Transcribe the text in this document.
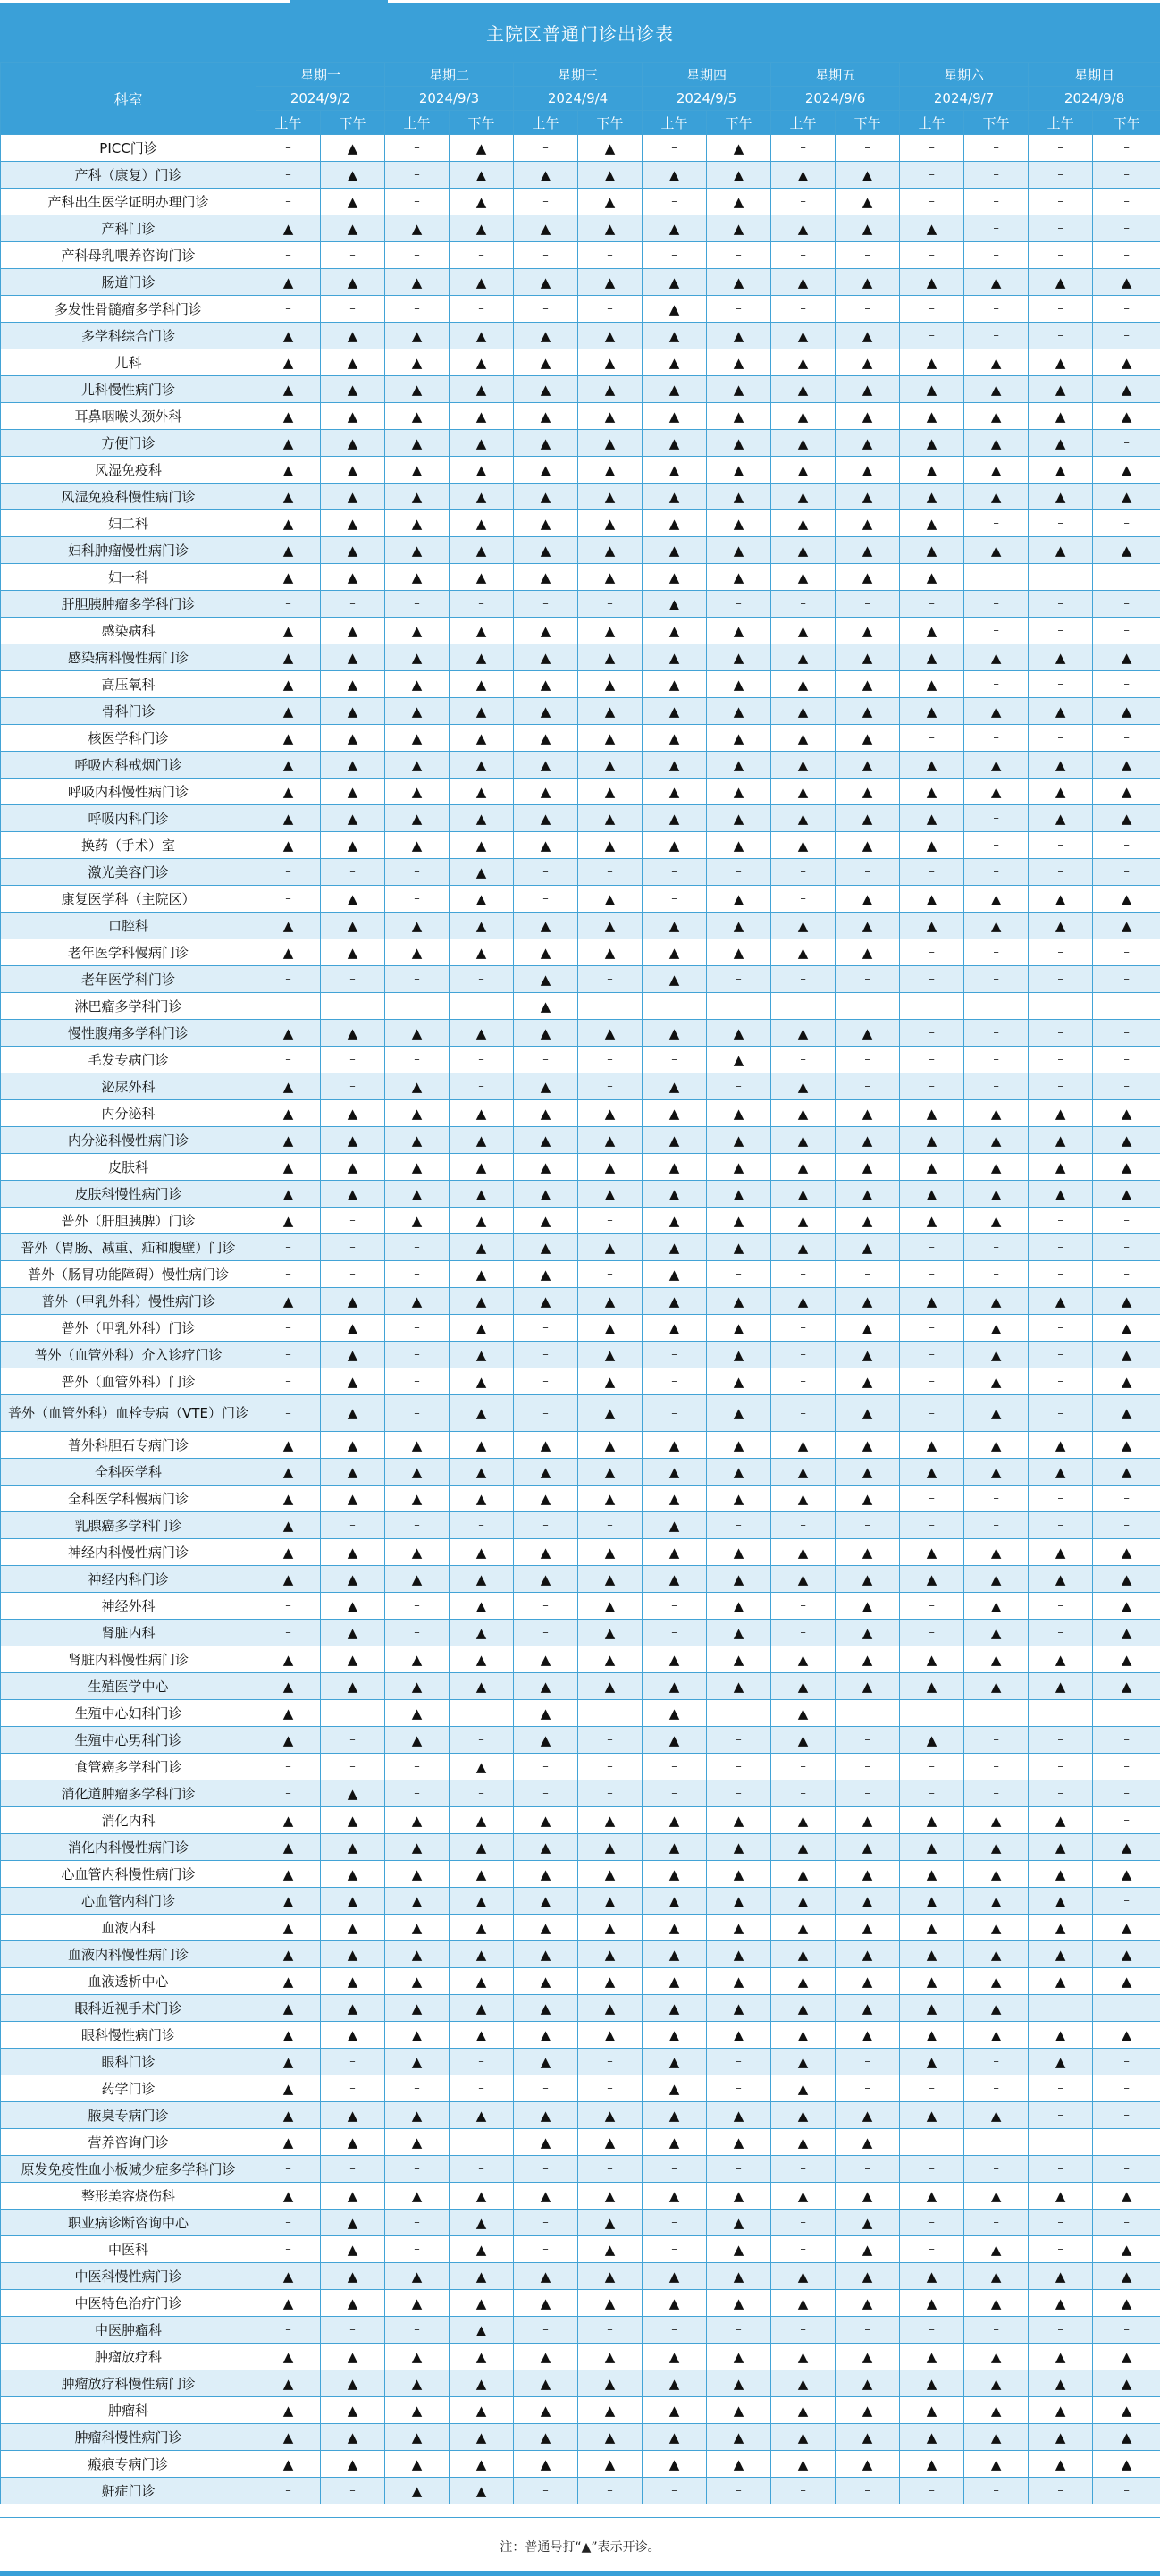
主院区普通门诊出诊表
科室	星期一		星期二		星期三		星期四		星期五		星期六		星期日	
	2024/9/2		2024/9/3		2024/9/4		2024/9/5		2024/9/6		2024/9/7		2024/9/8	
	上午	下午	上午	下午	上午	下午	上午	下午	上午	下午	上午	下午	上午	下午
PICC门诊	–	▲	–	▲	–	▲	–	▲	–	–	–	–	–	–
产科（康复）门诊	–	▲	–	▲	▲	▲	▲	▲	▲	▲	–	–	–	–
产科出生医学证明办理门诊	–	▲	–	▲	–	▲	–	▲	–	▲	–	–	–	–
产科门诊	▲	▲	▲	▲	▲	▲	▲	▲	▲	▲	▲	–	–	–
产科母乳喂养咨询门诊	–	–	–	–	–	–	–	–	–	–	–	–	–	–
肠道门诊	▲	▲	▲	▲	▲	▲	▲	▲	▲	▲	▲	▲	▲	▲
多发性骨髓瘤多学科门诊	–	–	–	–	–	–	▲	–	–	–	–	–	–	–
多学科综合门诊	▲	▲	▲	▲	▲	▲	▲	▲	▲	▲	–	–	–	–
儿科	▲	▲	▲	▲	▲	▲	▲	▲	▲	▲	▲	▲	▲	▲
儿科慢性病门诊	▲	▲	▲	▲	▲	▲	▲	▲	▲	▲	▲	▲	▲	▲
耳鼻咽喉头颈外科	▲	▲	▲	▲	▲	▲	▲	▲	▲	▲	▲	▲	▲	▲
方便门诊	▲	▲	▲	▲	▲	▲	▲	▲	▲	▲	▲	▲	▲	–
风湿免疫科	▲	▲	▲	▲	▲	▲	▲	▲	▲	▲	▲	▲	▲	▲
风湿免疫科慢性病门诊	▲	▲	▲	▲	▲	▲	▲	▲	▲	▲	▲	▲	▲	▲
妇二科	▲	▲	▲	▲	▲	▲	▲	▲	▲	▲	▲	–	–	–
妇科肿瘤慢性病门诊	▲	▲	▲	▲	▲	▲	▲	▲	▲	▲	▲	▲	▲	▲
妇一科	▲	▲	▲	▲	▲	▲	▲	▲	▲	▲	▲	–	–	–
肝胆胰肿瘤多学科门诊	–	–	–	–	–	–	▲	–	–	–	–	–	–	–
感染病科	▲	▲	▲	▲	▲	▲	▲	▲	▲	▲	▲	–	–	–
感染病科慢性病门诊	▲	▲	▲	▲	▲	▲	▲	▲	▲	▲	▲	▲	▲	▲
高压氧科	▲	▲	▲	▲	▲	▲	▲	▲	▲	▲	▲	–	–	–
骨科门诊	▲	▲	▲	▲	▲	▲	▲	▲	▲	▲	▲	▲	▲	▲
核医学科门诊	▲	▲	▲	▲	▲	▲	▲	▲	▲	▲	–	–	–	–
呼吸内科戒烟门诊	▲	▲	▲	▲	▲	▲	▲	▲	▲	▲	▲	▲	▲	▲
呼吸内科慢性病门诊	▲	▲	▲	▲	▲	▲	▲	▲	▲	▲	▲	▲	▲	▲
呼吸内科门诊	▲	▲	▲	▲	▲	▲	▲	▲	▲	▲	▲	–	▲	▲
换药（手术）室	▲	▲	▲	▲	▲	▲	▲	▲	▲	▲	▲	–	–	–
激光美容门诊	–	–	–	▲	–	–	–	–	–	–	–	–	–	–
康复医学科（主院区）	–	▲	–	▲	–	▲	–	▲	–	▲	▲	▲	▲	▲
口腔科	▲	▲	▲	▲	▲	▲	▲	▲	▲	▲	▲	▲	▲	▲
老年医学科慢病门诊	▲	▲	▲	▲	▲	▲	▲	▲	▲	▲	–	–	–	–
老年医学科门诊	–	–	–	–	▲	–	▲	–	–	–	–	–	–	–
淋巴瘤多学科门诊	–	–	–	–	▲	–	–	–	–	–	–	–	–	–
慢性腹痛多学科门诊	▲	▲	▲	▲	▲	▲	▲	▲	▲	▲	–	–	–	–
毛发专病门诊	–	–	–	–	–	–	–	▲	–	–	–	–	–	–
泌尿外科	▲	–	▲	–	▲	–	▲	–	▲	–	–	–	–	–
内分泌科	▲	▲	▲	▲	▲	▲	▲	▲	▲	▲	▲	▲	▲	▲
内分泌科慢性病门诊	▲	▲	▲	▲	▲	▲	▲	▲	▲	▲	▲	▲	▲	▲
皮肤科	▲	▲	▲	▲	▲	▲	▲	▲	▲	▲	▲	▲	▲	▲
皮肤科慢性病门诊	▲	▲	▲	▲	▲	▲	▲	▲	▲	▲	▲	▲	▲	▲
普外（肝胆胰脾）门诊	▲	–	▲	▲	▲	–	▲	▲	▲	▲	▲	▲	–	–
普外（胃肠、减重、疝和腹壁）门诊	–	–	–	▲	▲	▲	▲	▲	▲	▲	–	–	–	–
普外（肠胃功能障碍）慢性病门诊	–	–	–	▲	▲	–	▲	–	–	–	–	–	–	–
普外（甲乳外科）慢性病门诊	▲	▲	▲	▲	▲	▲	▲	▲	▲	▲	▲	▲	▲	▲
普外（甲乳外科）门诊	–	▲	–	▲	–	▲	▲	▲	–	▲	–	▲	–	▲
普外（血管外科）介入诊疗门诊	–	▲	–	▲	–	▲	–	▲	–	▲	–	▲	–	▲
普外（血管外科）门诊	–	▲	–	▲	–	▲	–	▲	–	▲	–	▲	–	▲
普外（血管外科）血栓专病（VTE）门诊	–	▲	–	▲	–	▲	–	▲	–	▲	–	▲	–	▲
普外科胆石专病门诊	▲	▲	▲	▲	▲	▲	▲	▲	▲	▲	▲	▲	▲	▲
全科医学科	▲	▲	▲	▲	▲	▲	▲	▲	▲	▲	▲	▲	▲	▲
全科医学科慢病门诊	▲	▲	▲	▲	▲	▲	▲	▲	▲	▲	–	–	–	–
乳腺癌多学科门诊	▲	–	–	–	–	–	▲	–	–	–	–	–	–	–
神经内科慢性病门诊	▲	▲	▲	▲	▲	▲	▲	▲	▲	▲	▲	▲	▲	▲
神经内科门诊	▲	▲	▲	▲	▲	▲	▲	▲	▲	▲	▲	▲	▲	▲
神经外科	–	▲	–	▲	–	▲	–	▲	–	▲	–	▲	–	▲
肾脏内科	–	▲	–	▲	–	▲	–	▲	–	▲	–	▲	–	▲
肾脏内科慢性病门诊	▲	▲	▲	▲	▲	▲	▲	▲	▲	▲	▲	▲	▲	▲
生殖医学中心	▲	▲	▲	▲	▲	▲	▲	▲	▲	▲	▲	▲	▲	▲
生殖中心妇科门诊	▲	–	▲	–	▲	–	▲	–	▲	–	–	–	–	–
生殖中心男科门诊	▲	–	▲	–	▲	–	▲	–	▲	–	▲	–	–	–
食管癌多学科门诊	–	–	–	▲	–	–	–	–	–	–	–	–	–	–
消化道肿瘤多学科门诊	–	▲	–	–	–	–	–	–	–	–	–	–	–	–
消化内科	▲	▲	▲	▲	▲	▲	▲	▲	▲	▲	▲	▲	▲	–
消化内科慢性病门诊	▲	▲	▲	▲	▲	▲	▲	▲	▲	▲	▲	▲	▲	▲
心血管内科慢性病门诊	▲	▲	▲	▲	▲	▲	▲	▲	▲	▲	▲	▲	▲	▲
心血管内科门诊	▲	▲	▲	▲	▲	▲	▲	▲	▲	▲	▲	▲	▲	–
血液内科	▲	▲	▲	▲	▲	▲	▲	▲	▲	▲	▲	▲	▲	▲
血液内科慢性病门诊	▲	▲	▲	▲	▲	▲	▲	▲	▲	▲	▲	▲	▲	▲
血液透析中心	▲	▲	▲	▲	▲	▲	▲	▲	▲	▲	▲	▲	▲	▲
眼科近视手术门诊	▲	▲	▲	▲	▲	▲	▲	▲	▲	▲	▲	▲	–	–
眼科慢性病门诊	▲	▲	▲	▲	▲	▲	▲	▲	▲	▲	▲	▲	▲	▲
眼科门诊	▲	–	▲	–	▲	–	▲	–	▲	–	▲	–	▲	–
药学门诊	▲	–	–	–	–	–	▲	–	▲	–	–	–	–	–
腋臭专病门诊	▲	▲	▲	▲	▲	▲	▲	▲	▲	▲	▲	▲	–	–
营养咨询门诊	▲	▲	▲	–	▲	▲	▲	▲	▲	▲	–	–	–	–
原发免疫性血小板减少症多学科门诊	–	–	–	–	–	–	–	–	–	–	–	–	–	–
整形美容烧伤科	▲	▲	▲	▲	▲	▲	▲	▲	▲	▲	▲	▲	▲	▲
职业病诊断咨询中心	–	▲	–	▲	–	▲	–	▲	–	▲	–	–	–	–
中医科	–	▲	–	▲	–	▲	–	▲	–	▲	–	▲	–	▲
中医科慢性病门诊	▲	▲	▲	▲	▲	▲	▲	▲	▲	▲	▲	▲	▲	▲
中医特色治疗门诊	▲	▲	▲	▲	▲	▲	▲	▲	▲	▲	▲	▲	▲	▲
中医肿瘤科	–	–	–	▲	–	–	–	–	–	–	–	–	–	–
肿瘤放疗科	▲	▲	▲	▲	▲	▲	▲	▲	▲	▲	▲	▲	▲	▲
肿瘤放疗科慢性病门诊	▲	▲	▲	▲	▲	▲	▲	▲	▲	▲	▲	▲	▲	▲
肿瘤科	▲	▲	▲	▲	▲	▲	▲	▲	▲	▲	▲	▲	▲	▲
肿瘤科慢性病门诊	▲	▲	▲	▲	▲	▲	▲	▲	▲	▲	▲	▲	▲	▲
瘢痕专病门诊	▲	▲	▲	▲	▲	▲	▲	▲	▲	▲	▲	▲	▲	▲
鼾症门诊	–	–	▲	▲	–	–	–	–	–	–	–	–	–	–
注：普通号打“▲”表示开诊。
